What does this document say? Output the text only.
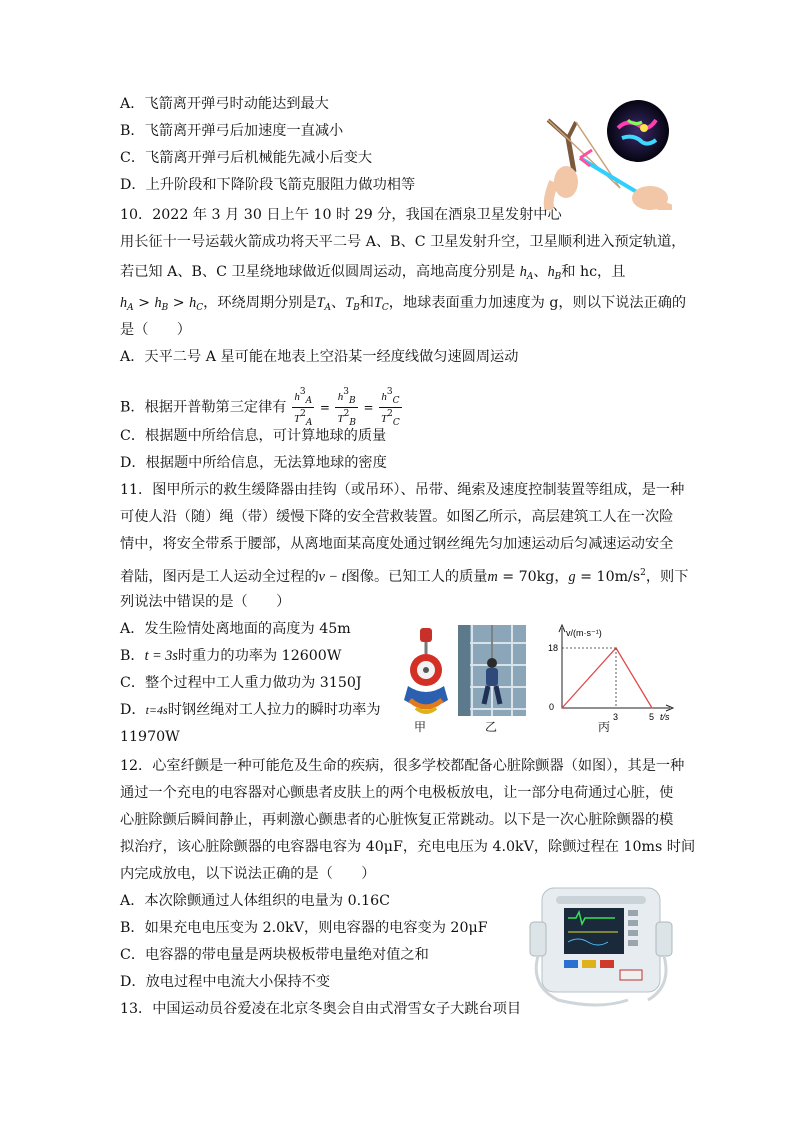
A．飞箭离开弹弓时动能达到最大
B．飞箭离开弹弓后加速度一直减小
C．飞箭离开弹弓后机械能先减小后变大
D．上升阶段和下降阶段飞箭克服阻力做功相等
10．2022 年 3 月 30 日上午 10 时 29 分，我国在酒泉卫星发射中心
用长征十一号运载火箭成功将天平二号 A、B、C 卫星发射升空，卫星顺利进入预定轨道，
若已知 A、B、C 卫星绕地球做近似圆周运动，高地高度分别是 $h_A$、$h_B$和 hc，且
$h_A > h_B > h_C$，环绕周期分别是$T_A$、$T_B$和$T_C$，地球表面重力加速度为 g，则以下说法正确的
是（　　）
A．天平二号 A 星可能在地表上空沿某一经度线做匀速圆周运动
B．根据开普勒第三定律有 $\frac{h^3_A}{T^2_A} = \frac{h^3_B}{T^2_B} = \frac{h^3_C}{T^2_C}$
C．根据题中所给信息，可计算地球的质量
D．根据题中所给信息，无法算地球的密度
11．图甲所示的救生缓降器由挂钩（或吊环）、吊带、绳索及速度控制装置等组成，是一种
可使人沿（随）绳（带）缓慢下降的安全营救装置。如图乙所示，高层建筑工人在一次险
情中，将安全带系于腰部，从离地面某高度处通过钢丝绳先匀加速运动后匀减速运动安全
着陆，图丙是工人运动全过程的v − t图像。已知工人的质量m = 70kg，$g = 10m/s^2$，则下
列说法中错误的是（　　）
A．发生险情处离地面的高度为 45m
B．t = 3s时重力的功率为 12600W
C．整个过程中工人重力做功为 3150J
D．t=4s时钢丝绳对工人拉力的瞬时功率为
11970W
甲	乙
v/(m·s⁻¹)
t/s
0
3	5
18
丙
12．心室纤颤是一种可能危及生命的疾病，很多学校都配备心脏除颤器（如图），其是一种
通过一个充电的电容器对心颤患者皮肤上的两个电极板放电，让一部分电荷通过心脏，使
心脏除颤后瞬间静止，再刺激心颤患者的心脏恢复正常跳动。以下是一次心脏除颤器的模
拟治疗，该心脏除颤器的电容器电容为 40μF，充电电压为 4.0kV，除颤过程在 10ms 时间
内完成放电，以下说法正确的是（　　）
A．本次除颤通过人体组织的电量为 0.16C
B．如果充电电压变为 2.0kV，则电容器的电容变为 20μF
C．电容器的带电量是两块极板带电量绝对值之和
D．放电过程中电流大小保持不变
13．中国运动员谷爱凌在北京冬奥会自由式滑雪女子大跳台项目
